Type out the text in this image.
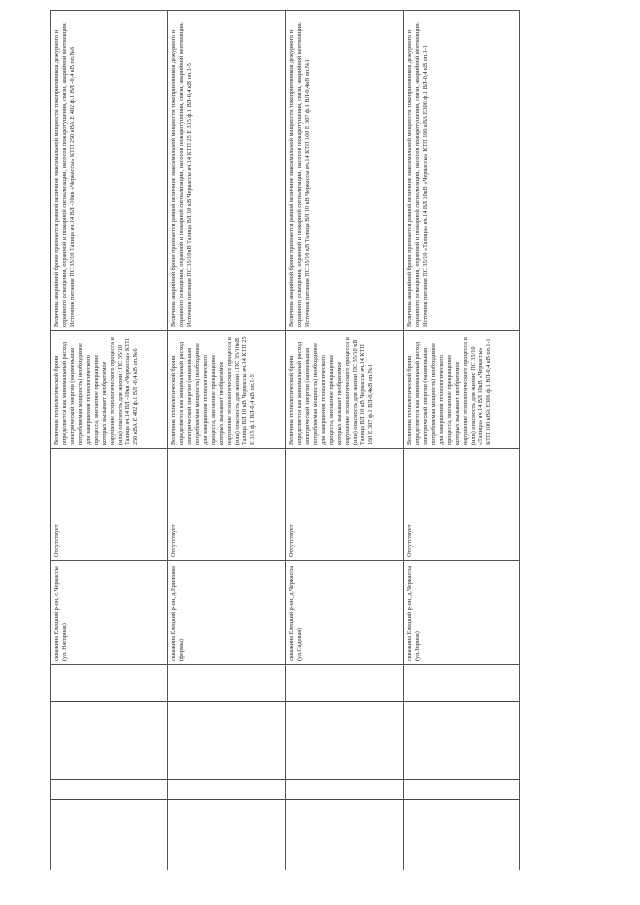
скважина Елецкий р-он, с.Черкассы (ул. Нагорная)
Отсутствует
Величина технологической брони определяется как минимальный расход электрической энергии (наименьшая потребляемая мощность) необходимое для завершения технологического процесса, внезапное прекращение которых вызывает необратимое нарушение технологического процесса и (или) опасность для жизни : ПС 35/10 Талица яч.14 ВЛ -10кв «Черкассы» КТП 250 кВА Е 402 ф.1 ВЛ -0,4 кВ оп.№6
Величина аварийной брони признается равной величине максимальной мощности токоприемников дежурного и охранного освещения, охранной и пожарной сигнализации, насосов пожаротушения, связи, аварийной вентиляции. Источник питания ПС 35/10 Талица яч.14 ВЛ -10кв «Черкассы» КТП 250 кВА Е 402 ф.1 ВЛ -0,4 кВ оп.№6
скважина Елецкий р-он, д.Ериловка (фермы)
Отсутствует
Величина технологической брони определяется как минимальный расход электрической энергии (наименьшая потребляемая мощность) необходимое для завершения технологического процесса, внезапное прекращение которых вызывает необратимое нарушение технологического процесса и (или) опасность для жизни : ПС 35/10кВ Талица ВЛ 10 кВ Черкассы яч.14 КТП 25 Е 315 ф.1 ВЛ-0,4 кВ оп.1-5
Величина аварийной брони признается равной величине максимальной мощности токоприемников дежурного и охранного освещения, охранной и пожарной сигнализации, насосов пожаротушения, связи, аварийной вентиляции. Источник питания ПС 35/10кВ Талица ВЛ 10 кВ Черкассы яч.14 КТП 25 Е 315 ф.1 ВЛ-0,4 кВ оп.1-5
скважина Елецкий р-он, д.Черкассы (ул.Садовая)
Отсутствует
Величина технологической брони определяется как минимальный расход электрической энергии (наименьшая потребляемая мощность) необходимое для завершения технологического процесса, внезапное прекращение которых вызывает необратимое нарушение технологического процесса и (или) опасность для жизни ПС 35/10 кВ Талица ВЛ 10 кВ Черкассы яч.14 КТП 160 Е 307 ф.1 ВЛ-0,4кВ оп.№1
Величина аварийной брони признается равной величине максимальной мощности токоприемников дежурного и охранного освещения, охранной и пожарной сигнализации, насосов пожаротушения, связи, аварийной вентиляции. Источник питания ПС 35/10 кВ Талица ВЛ 10 кВ Черкассы яч.14 КТП 160 Е 307 ф.1 ВЛ-0,4кВ оп.№1
скважина Елецкий р-он, д.Черкассы (ул.Зорная)
Отсутствует
Величина технологической брони определяется как минимальный расход электрической энергии (наименьшая потребляемая мощность) необходимое для завершения технологического процесса, внезапное прекращение которых вызывает необратимое нарушение технологического процесса и (или) опасность для жизни: ПС 35/10 «Талица» яч.14 ВЛ 10кВ «Черкассы» КТП 100 кВА Е306 ф.1 ВЛ-0,4 кВ оп.1-1
Величина аварийной брони признается равной величине максимальной мощности токоприемников дежурного и охранного освещения, охранной и пожарной сигнализации, насосов пожаротушения, связи, аварийной вентиляции. Источник питания ПС 35/10 «Талица» яч.14 ВЛ 10кВ «Черкассы» КТП 100 кВА Е306 ф.1 ВЛ-0,4 кВ оп.1-1
